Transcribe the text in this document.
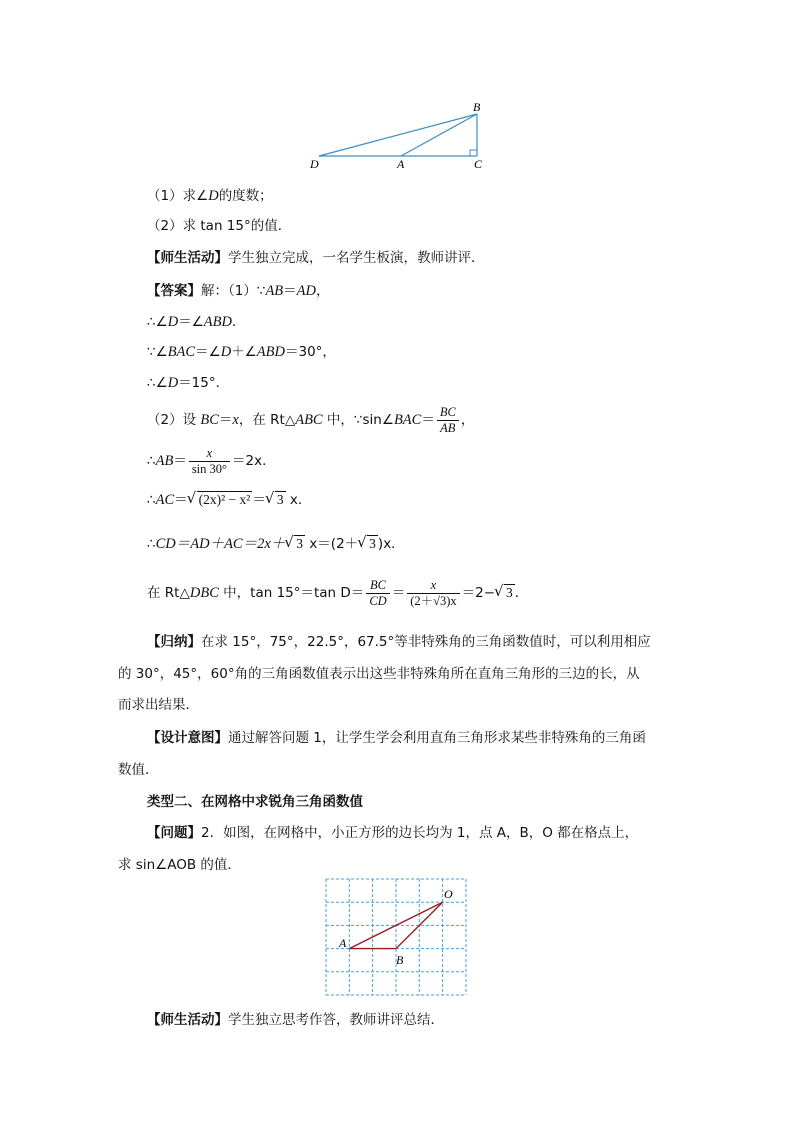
B
D	A	C
（1）求∠D的度数；
（2）求 tan 15°的值．
【师生活动】学生独立完成，一名学生板演，教师讲评．
【答案】解：（1）∵AB＝AD，
∴∠D＝∠ABD．
∵∠BAC＝∠D＋∠ABD＝30°，
∴∠D＝15°．
（2）设 BC＝x，在 Rt△ABC 中，∵sin∠BAC＝ $\frac{BC}{AB}$ ，
∴AB＝ $\frac{x}{\sin 30^\circ} =2x$．
∴AC＝√ (2x)² − x² ＝√ 3 x．
∴CD＝AD＋AC＝2x＋√ 3 x＝(2＋√ 3 )x．
在 Rt△DBC 中，tan 15°＝tan $D= \frac{BC}{CD} = \frac{x}{(2+√3)x} =2-√$ 3 ．
【归纳】在求 15°，75°，22.5°，67.5°等非特殊角的三角函数值时，可以利用相应
的 30°，45°，60°角的三角函数值表示出这些非特殊角所在直角三角形的三边的长，从
而求出结果．
【设计意图】通过解答问题 1，让学生学会利用直角三角形求某些非特殊角的三角函
数值．
类型二、在网格中求锐角三角函数值
【问题】2．如图，在网格中，小正方形的边长均为 1，点 A，B，O 都在格点上，
求 sin∠AOB 的值．
O
A
B
【师生活动】学生独立思考作答，教师讲评总结．
